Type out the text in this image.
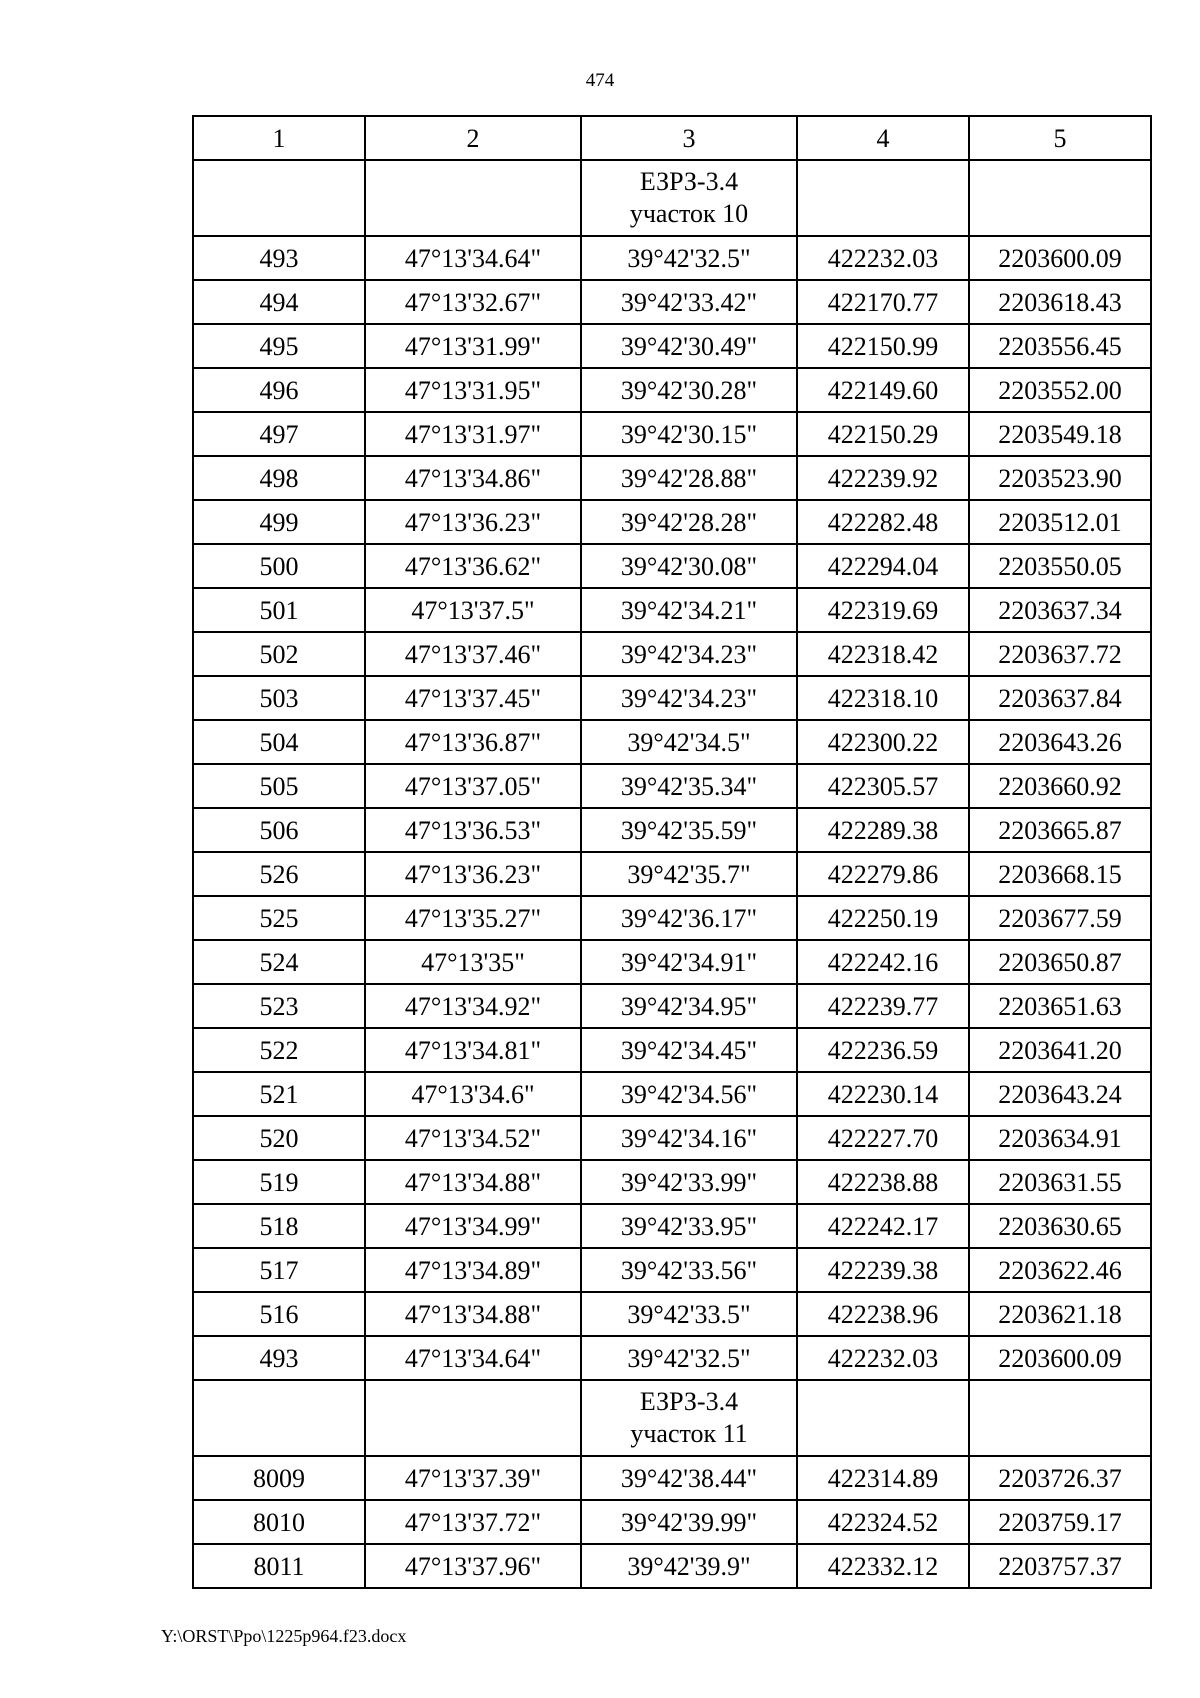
474
1	2	3	4	5

		ЕЗРЗ-3.4
участок 10		

493	47°13'34.64"	39°42'32.5"	422232.03	2203600.09
494	47°13'32.67"	39°42'33.42"	422170.77	2203618.43
495	47°13'31.99"	39°42'30.49"	422150.99	2203556.45
496	47°13'31.95"	39°42'30.28"	422149.60	2203552.00
497	47°13'31.97"	39°42'30.15"	422150.29	2203549.18
498	47°13'34.86"	39°42'28.88"	422239.92	2203523.90
499	47°13'36.23"	39°42'28.28"	422282.48	2203512.01
500	47°13'36.62"	39°42'30.08"	422294.04	2203550.05
501	47°13'37.5"	39°42'34.21"	422319.69	2203637.34
502	47°13'37.46"	39°42'34.23"	422318.42	2203637.72
503	47°13'37.45"	39°42'34.23"	422318.10	2203637.84
504	47°13'36.87"	39°42'34.5"	422300.22	2203643.26
505	47°13'37.05"	39°42'35.34"	422305.57	2203660.92
506	47°13'36.53"	39°42'35.59"	422289.38	2203665.87
526	47°13'36.23"	39°42'35.7"	422279.86	2203668.15
525	47°13'35.27"	39°42'36.17"	422250.19	2203677.59
524	47°13'35"	39°42'34.91"	422242.16	2203650.87
523	47°13'34.92"	39°42'34.95"	422239.77	2203651.63
522	47°13'34.81"	39°42'34.45"	422236.59	2203641.20
521	47°13'34.6"	39°42'34.56"	422230.14	2203643.24
520	47°13'34.52"	39°42'34.16"	422227.70	2203634.91
519	47°13'34.88"	39°42'33.99"	422238.88	2203631.55
518	47°13'34.99"	39°42'33.95"	422242.17	2203630.65
517	47°13'34.89"	39°42'33.56"	422239.38	2203622.46
516	47°13'34.88"	39°42'33.5"	422238.96	2203621.18
493	47°13'34.64"	39°42'32.5"	422232.03	2203600.09

		ЕЗРЗ-3.4
участок 11		

8009	47°13'37.39"	39°42'38.44"	422314.89	2203726.37
8010	47°13'37.72"	39°42'39.99"	422324.52	2203759.17
8011	47°13'37.96"	39°42'39.9"	422332.12	2203757.37
Y:\ORST\Ppo\1225p964.f23.docx
